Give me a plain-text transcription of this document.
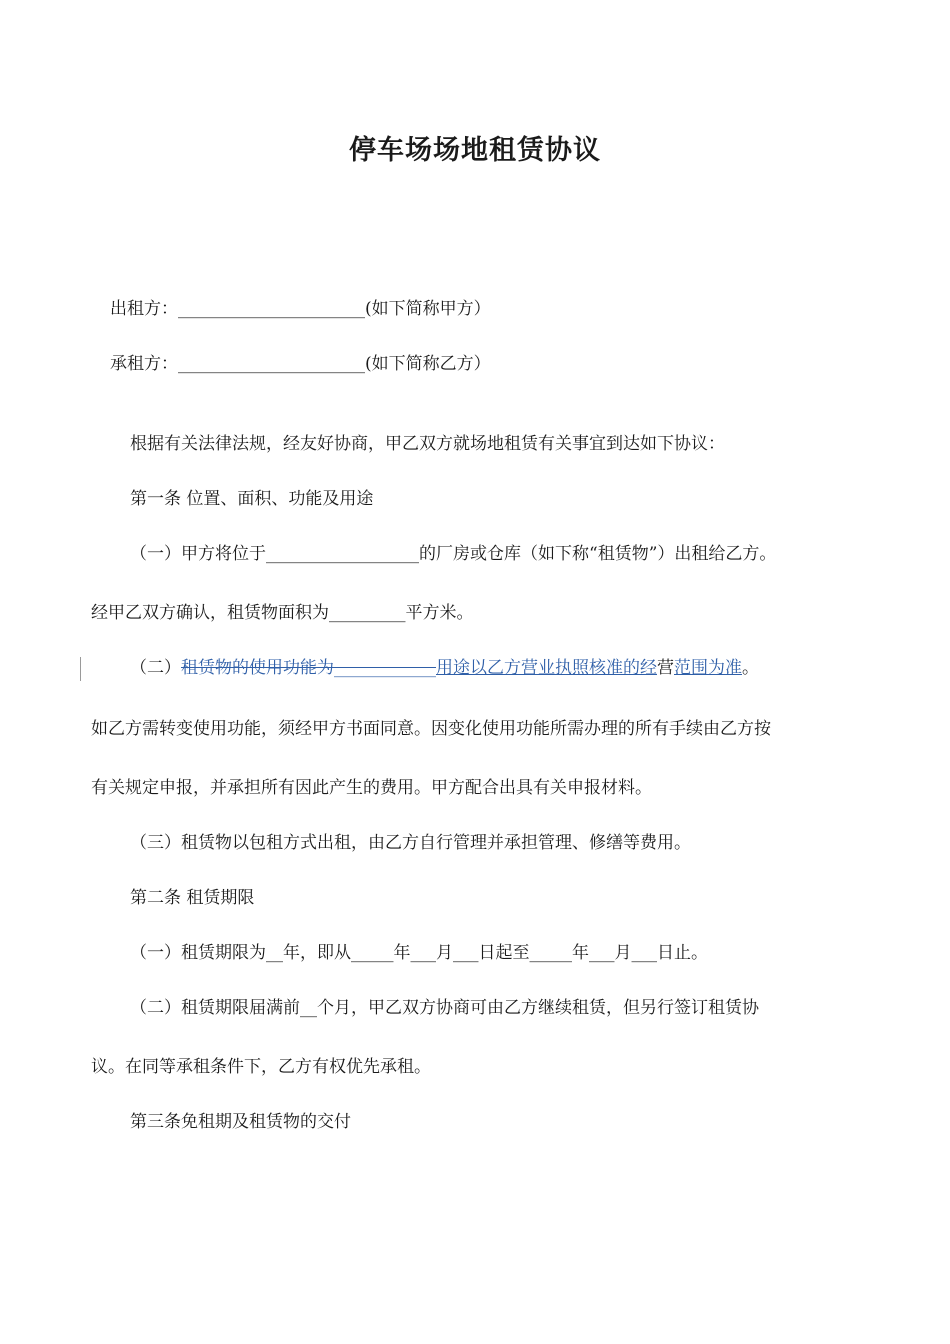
停车场场地租赁协议
出租方：______________________(如下简称甲方）
承租方：______________________(如下简称乙方）
根据有关法律法规，经友好协商，甲乙双方就场地租赁有关事宜到达如下协议：
第一条 位置、面积、功能及用途
（一）甲方将位于__________________的厂房或仓库（如下称“租赁物”）出租给乙方。
经甲乙双方确认，租赁物面积为_________平方米。
（二）租赁物的使用功能为____________用途以乙方营业执照核准的经营范围为准。
如乙方需转变使用功能，须经甲方书面同意。因变化使用功能所需办理的所有手续由乙方按
有关规定申报，并承担所有因此产生的费用。甲方配合出具有关申报材料。
（三）租赁物以包租方式出租，由乙方自行管理并承担管理、修缮等费用。
第二条 租赁期限
（一）租赁期限为__年，即从_____年___月___日起至_____年___月___日止。
（二）租赁期限届满前__个月，甲乙双方协商可由乙方继续租赁，但另行签订租赁协
议。在同等承租条件下，乙方有权优先承租。
第三条免租期及租赁物的交付
